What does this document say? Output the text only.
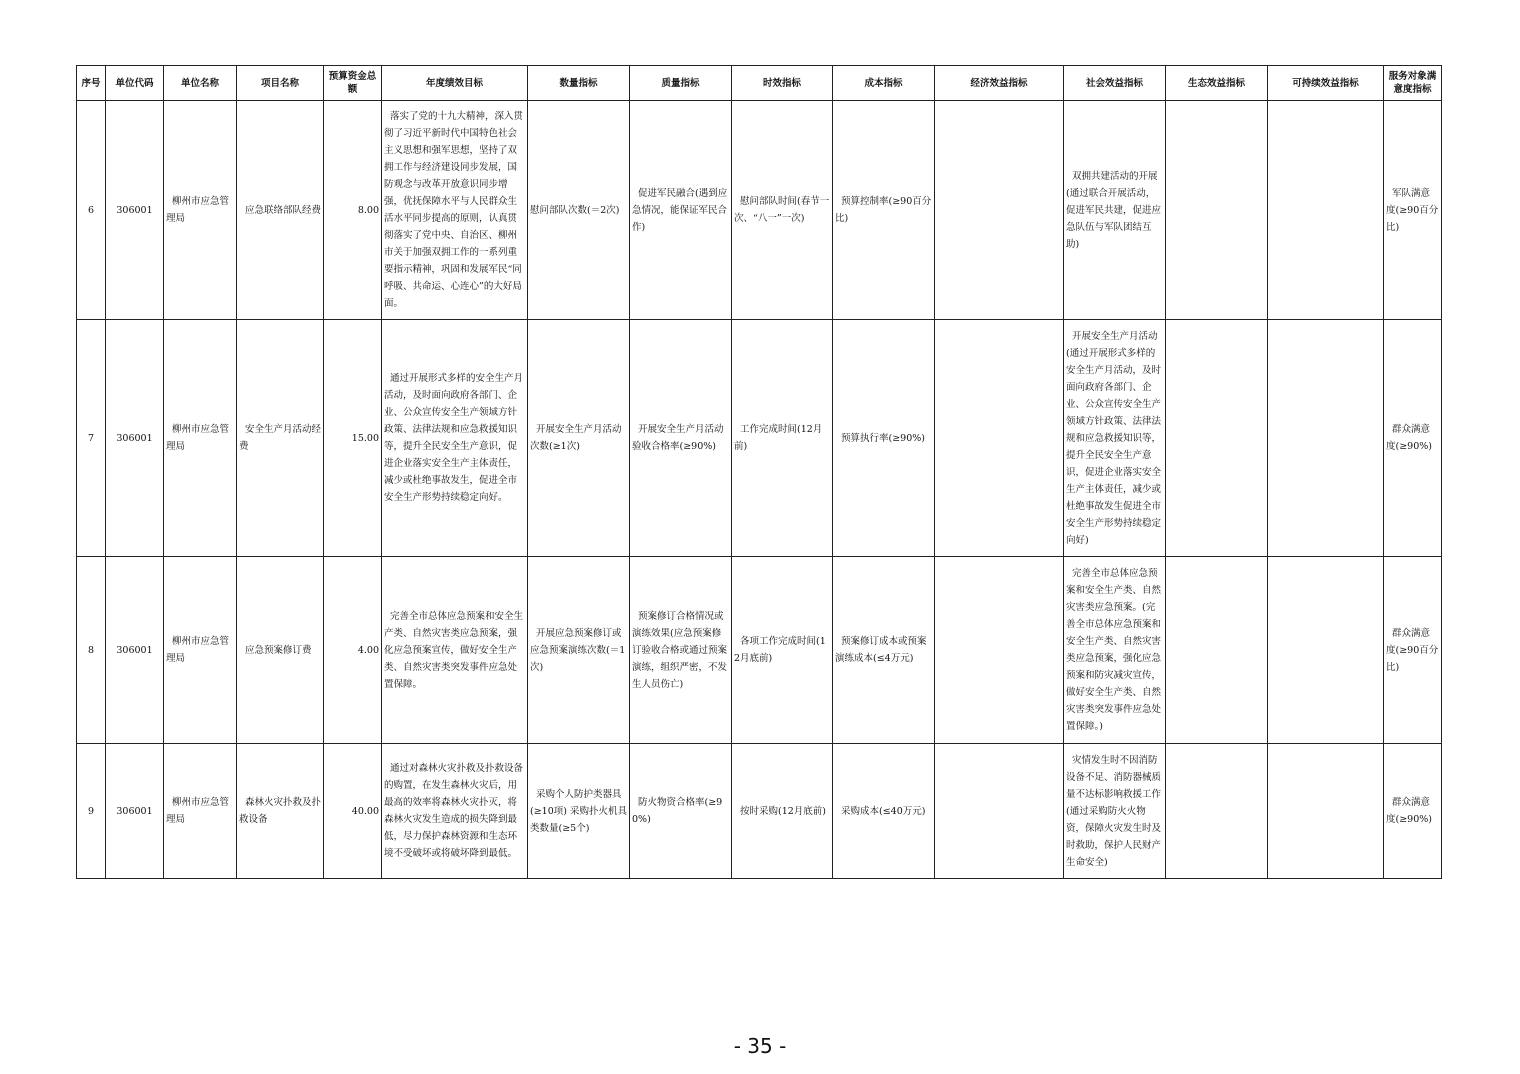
序号	单位代码	单位名称	项目名称	预算资金总额	年度绩效目标	数量指标	质量指标	时效指标	成本指标	经济效益指标	社会效益指标	生态效益指标	可持续效益指标	服务对象满意度指标
6	306001	柳州市应急管理局	应急联络部队经费	8.00	落实了党的十九大精神，深入贯彻了习近平新时代中国特色社会主义思想和强军思想，坚持了双拥工作与经济建设同步发展，国防观念与改革开放意识同步增强，优抚保障水平与人民群众生活水平同步提高的原则，认真贯彻落实了党中央、自治区、柳州市关于加强双拥工作的一系列重要指示精神，巩固和发展军民“同呼吸、共命运、心连心”的大好局面。	慰问部队次数(＝2次)	促进军民融合(遇到应急情况，能保证军民合作)	慰问部队时间(春节一次、“八一”一次)	预算控制率(≥90百分比)		双拥共建活动的开展(通过联合开展活动，促进军民共建，促进应急队伍与军队团结互助)			军队满意度(≥90百分比)
7	306001	柳州市应急管理局	安全生产月活动经费	15.00	通过开展形式多样的安全生产月活动，及时面向政府各部门、企业、公众宣传安全生产领域方针政策、法律法规和应急救援知识等，提升全民安全生产意识，促进企业落实安全生产主体责任，减少或杜绝事故发生，促进全市安全生产形势持续稳定向好。	开展安全生产月活动次数(≥1次)	开展安全生产月活动验收合格率(≥90%)	工作完成时间(12月前)	预算执行率(≥90%)		开展安全生产月活动(通过开展形式多样的安全生产月活动，及时面向政府各部门、企业、公众宣传安全生产领域方针政策、法律法规和应急救援知识等，提升全民安全生产意识，促进企业落实安全生产主体责任，减少或杜绝事故发生促进全市安全生产形势持续稳定向好)			群众满意度(≥90%)
8	306001	柳州市应急管理局	应急预案修订费	4.00	完善全市总体应急预案和安全生产类、自然灾害类应急预案，强化应急预案宣传，做好安全生产类、自然灾害类突发事件应急处置保障。	开展应急预案修订或应急预案演练次数(＝1次)	预案修订合格情况或演练效果(应急预案修订验收合格或通过预案演练，组织严密，不发生人员伤亡)	各项工作完成时间(12月底前)	预案修订成本或预案演练成本(≤4万元)		完善全市总体应急预案和安全生产类、自然灾害类应急预案。(完善全市总体应急预案和安全生产类、自然灾害类应急预案，强化应急预案和防灾减灾宣传，做好安全生产类、自然灾害类突发事件应急处置保障。)			群众满意度(≥90百分比)
9	306001	柳州市应急管理局	森林火灾扑救及扑救设备	40.00	通过对森林火灾扑救及扑救设备的购置，在发生森林火灾后，用最高的效率将森林火灾扑灭，将森林火灾发生造成的损失降到最低，尽力保护森林资源和生态环境不受破坏或将破坏降到最低。	采购个人防护类器具(≥10项) 采购扑火机具类数量(≥5个)	防火物资合格率(≥90%)	按时采购(12月底前)	采购成本(≤40万元)		灾情发生时不因消防设备不足、消防器械质量不达标影响救援工作(通过采购防火火物资，保障火灾发生时及时救助，保护人民财产生命安全)			群众满意度(≥90%)
- 35 -
